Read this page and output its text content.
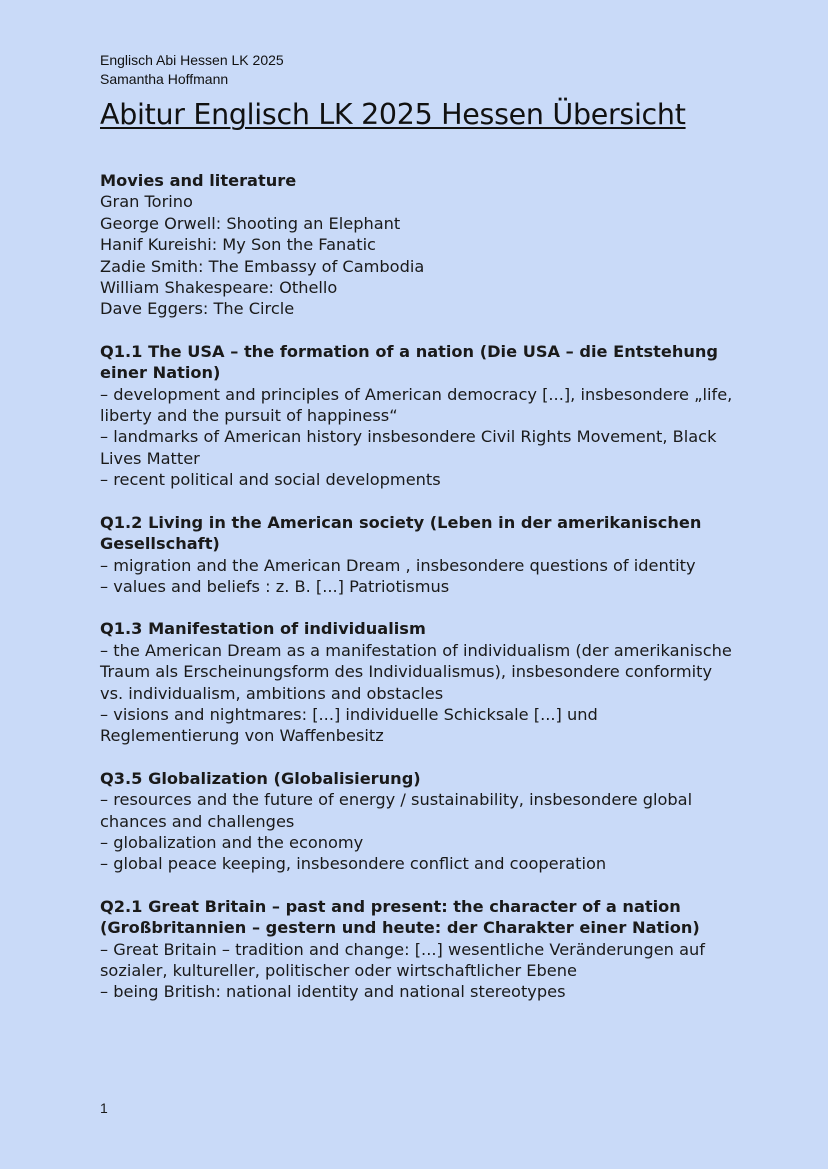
Englisch Abi Hessen LK 2025
Samantha Hoffmann
Abitur Englisch LK 2025 Hessen Übersicht
Movies and literature
Gran Torino
George Orwell: Shooting an Elephant
Hanif Kureishi: My Son the Fanatic
Zadie Smith: The Embassy of Cambodia
William Shakespeare: Othello
Dave Eggers: The Circle
Q1.1 The USA – the formation of a nation (Die USA – die Entstehung einer Nation)
– development and principles of American democracy [...], insbesondere „life, liberty and the pursuit of happiness“
– landmarks of American history insbesondere Civil Rights Movement, Black Lives Matter
– recent political and social developments
Q1.2 Living in the American society (Leben in der amerikanischen Gesellschaft)
– migration and the American Dream , insbesondere questions of identity
– values and beliefs : z. B. [...] Patriotismus
Q1.3 Manifestation of individualism
– the American Dream as a manifestation of individualism (der amerikanische Traum als Erscheinungsform des Individualismus), insbesondere conformity vs. individualism, ambitions and obstacles
– visions and nightmares: [...] individuelle Schicksale [...] und Reglementierung von Waffenbesitz
Q3.5 Globalization (Globalisierung)
– resources and the future of energy / sustainability, insbesondere global chances and challenges
– globalization and the economy
– global peace keeping, insbesondere conflict and cooperation
Q2.1 Great Britain – past and present: the character of a nation (Großbritannien – gestern und heute: der Charakter einer Nation)
– Great Britain – tradition and change: [...] wesentliche Veränderungen auf sozialer, kultureller, politischer oder wirtschaftlicher Ebene
– being British: national identity and national stereotypes
1
